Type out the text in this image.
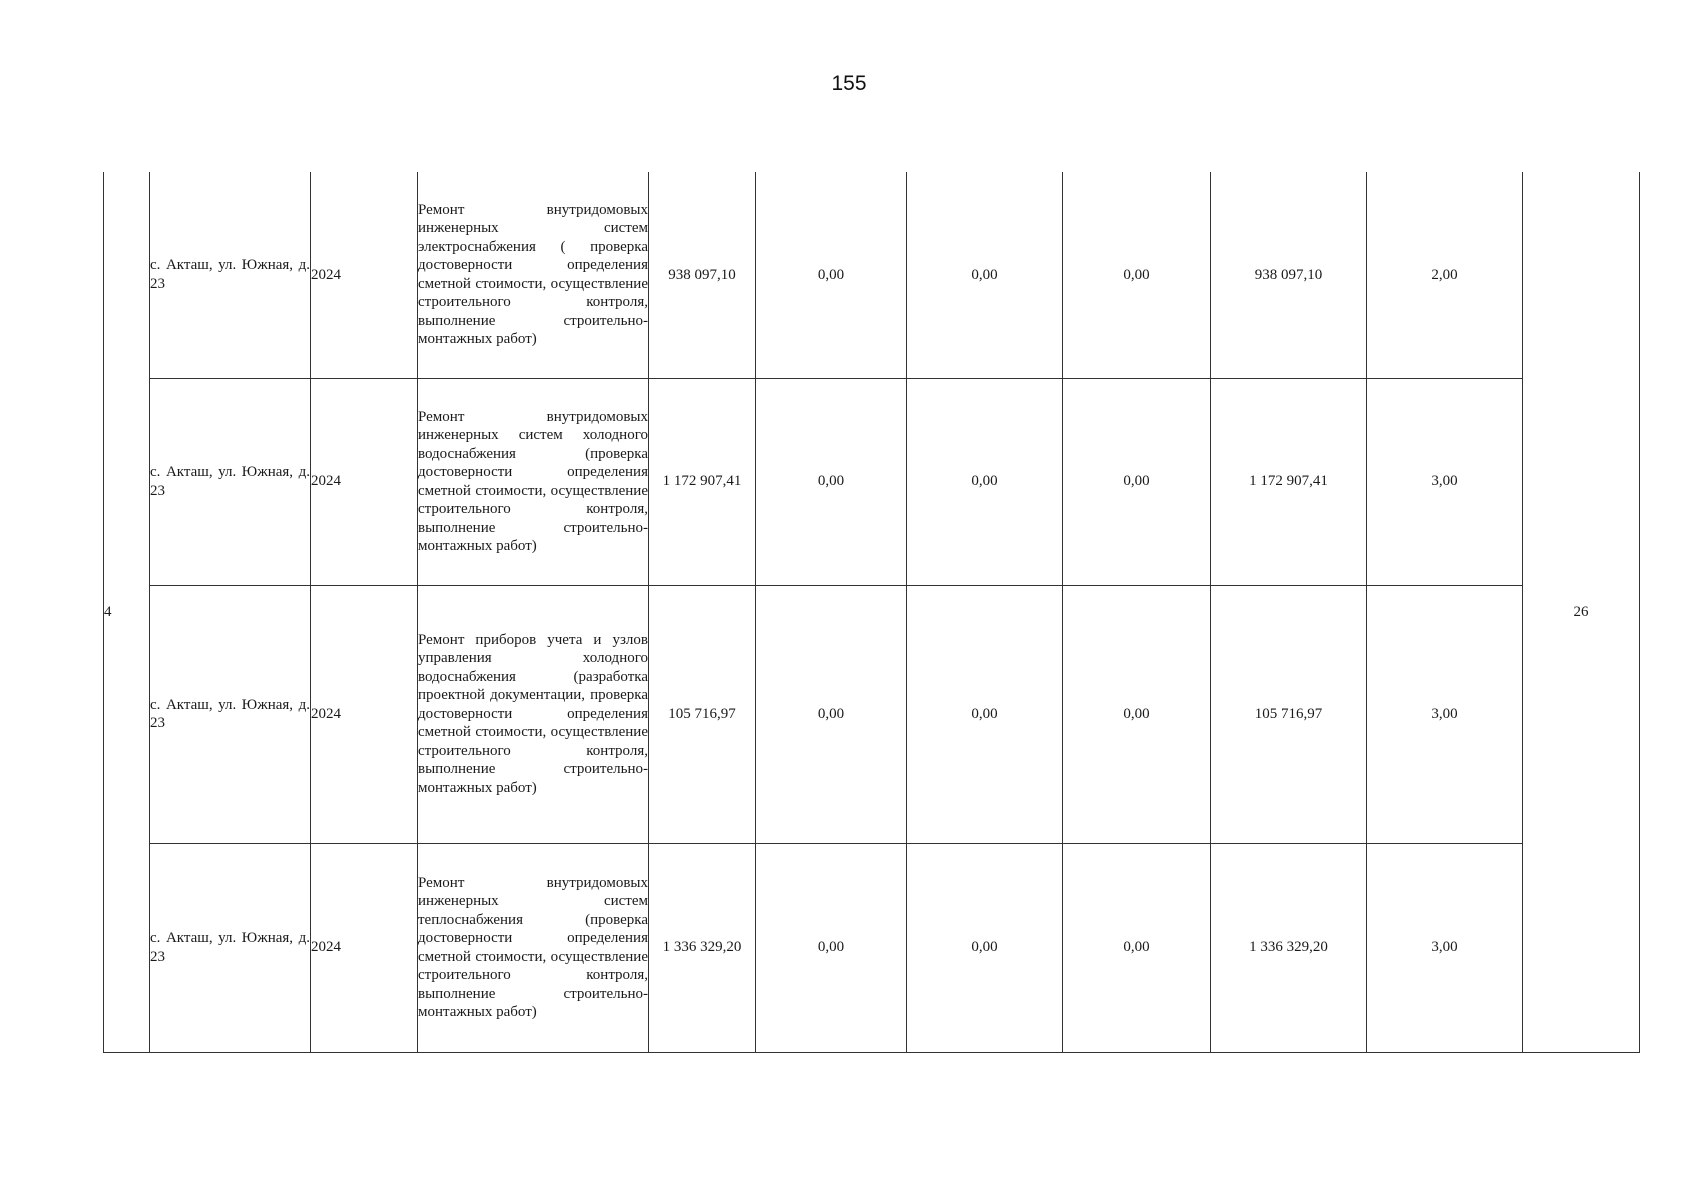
155
4	с. Акташ, ул. Южная, д. 23	2024	Ремонт внутридомовых инженерных систем электроснабжения ( проверка достоверности определения сметной стоимости, осуществление строительного контроля, выполнение строительно-монтажных работ)	938 097,10	0,00	0,00	0,00	938 097,10	2,00	26

	с. Акташ, ул. Южная, д. 23	2024	Ремонт внутридомовых инженерных систем холодного водоснабжения (проверка достоверности определения сметной стоимости, осуществление строительного контроля, выполнение строительно-монтажных работ)	1 172 907,41	0,00	0,00	0,00	1 172 907,41	3,00	

	с. Акташ, ул. Южная, д. 23	2024	Ремонт приборов учета и узлов управления холодного водоснабжения (разработка проектной документации, проверка достоверности определения сметной стоимости, осуществление строительного контроля, выполнение строительно-монтажных работ)	105 716,97	0,00	0,00	0,00	105 716,97	3,00	

	с. Акташ, ул. Южная, д. 23	2024	Ремонт внутридомовых инженерных систем теплоснабжения (проверка достоверности определения сметной стоимости, осуществление строительного контроля, выполнение строительно-монтажных работ)	1 336 329,20	0,00	0,00	0,00	1 336 329,20	3,00	
